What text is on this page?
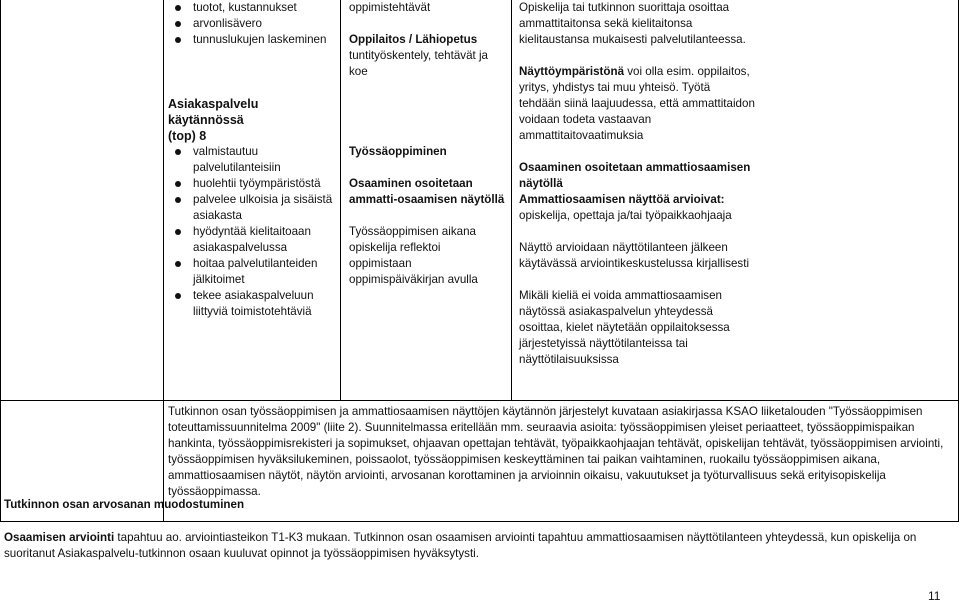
tuotot, kustannukset
arvonlisävero
tunnuslukujen laskeminen

Asiakaspalvelu käytännössä
(top) 8

valmistautuu palvelutilanteisiin
huolehtii työympäristöstä
palvelee ulkoisia ja sisäistä asiakasta
hyödyntää kielitaitoaan asiakaspalvelussa
hoitaa palvelutilanteiden jälkitoimet
tekee asiakaspalveluun liittyviä toimistotehtäviä

oppimistehtävät

Oppilaitos / Lähiopetus

tuntityöskentely, tehtävät ja koe

Työssäoppiminen

Osaaminen osoitetaan ammatti-osaamisen näytöllä

Työssäoppimisen aikana opiskelija reflektoi oppimistaan oppimispäiväkirjan avulla

Opiskelija tai tutkinnon suorittaja osoittaa ammattitaitonsa sekä kielitaitonsa kielitaustansa mukaisesti palvelutilanteessa.

Näyttöympäristönä voi olla esim. oppilaitos, yritys, yhdistys tai muu yhteisö. Työtä tehdään siinä laajuudessa, että ammattitaidon voidaan todeta vastaavan ammattitaitovaatimuksia

Osaaminen osoitetaan ammattiosaamisen näytöllä

Ammattiosaamisen näyttöä arvioivat:

opiskelija, opettaja ja/tai työpaikkaohjaaja

Näyttö arvioidaan näyttötilanteen jälkeen käytävässä arviointikeskustelussa kirjallisesti

Mikäli kieliä ei voida ammattiosaamisen näytössä asiakaspalvelun yhteydessä osoittaa, kielet näytetään oppilaitoksessa järjestetyissä näyttötilanteissa tai näyttötilaisuuksissa

Tutkinnon osan arvosanan muodostuminen
Tutkinnon osan työssäoppimisen ja ammattiosaamisen näyttöjen käytännön järjestelyt kuvataan asiakirjassa KSAO liiketalouden "Työssäoppimisen toteuttamissuunnitelma 2009" (liite 2). Suunnitelmassa eritellään mm. seuraavia asioita: työssäoppimisen yleiset periaatteet, työssäoppimispaikan hankinta, työssäoppimisrekisteri ja sopimukset, ohjaavan opettajan tehtävät, työpaikkaohjaajan tehtävät, opiskelijan tehtävät, työssäoppimisen arviointi, työssäoppimisen hyväksilukeminen, poissaolot, työssäoppimisen keskeyttäminen tai paikan vaihtaminen, ruokailu työssäoppimisen aikana, ammattiosaamisen näytöt, näytön arviointi, arvosanan korottaminen ja arvioinnin oikaisu, vakuutukset ja työturvallisuus sekä erityisopiskelija työssäoppimassa.
Osaamisen arviointi tapahtuu ao. arviointiasteikon T1-K3 mukaan. Tutkinnon osan osaamisen arviointi tapahtuu ammattiosaamisen näyttötilanteen yhteydessä, kun opiskelija on suoritanut Asiakaspalvelu-tutkinnon osaan kuuluvat opinnot ja työssäoppimisen hyväksytysti.
11
